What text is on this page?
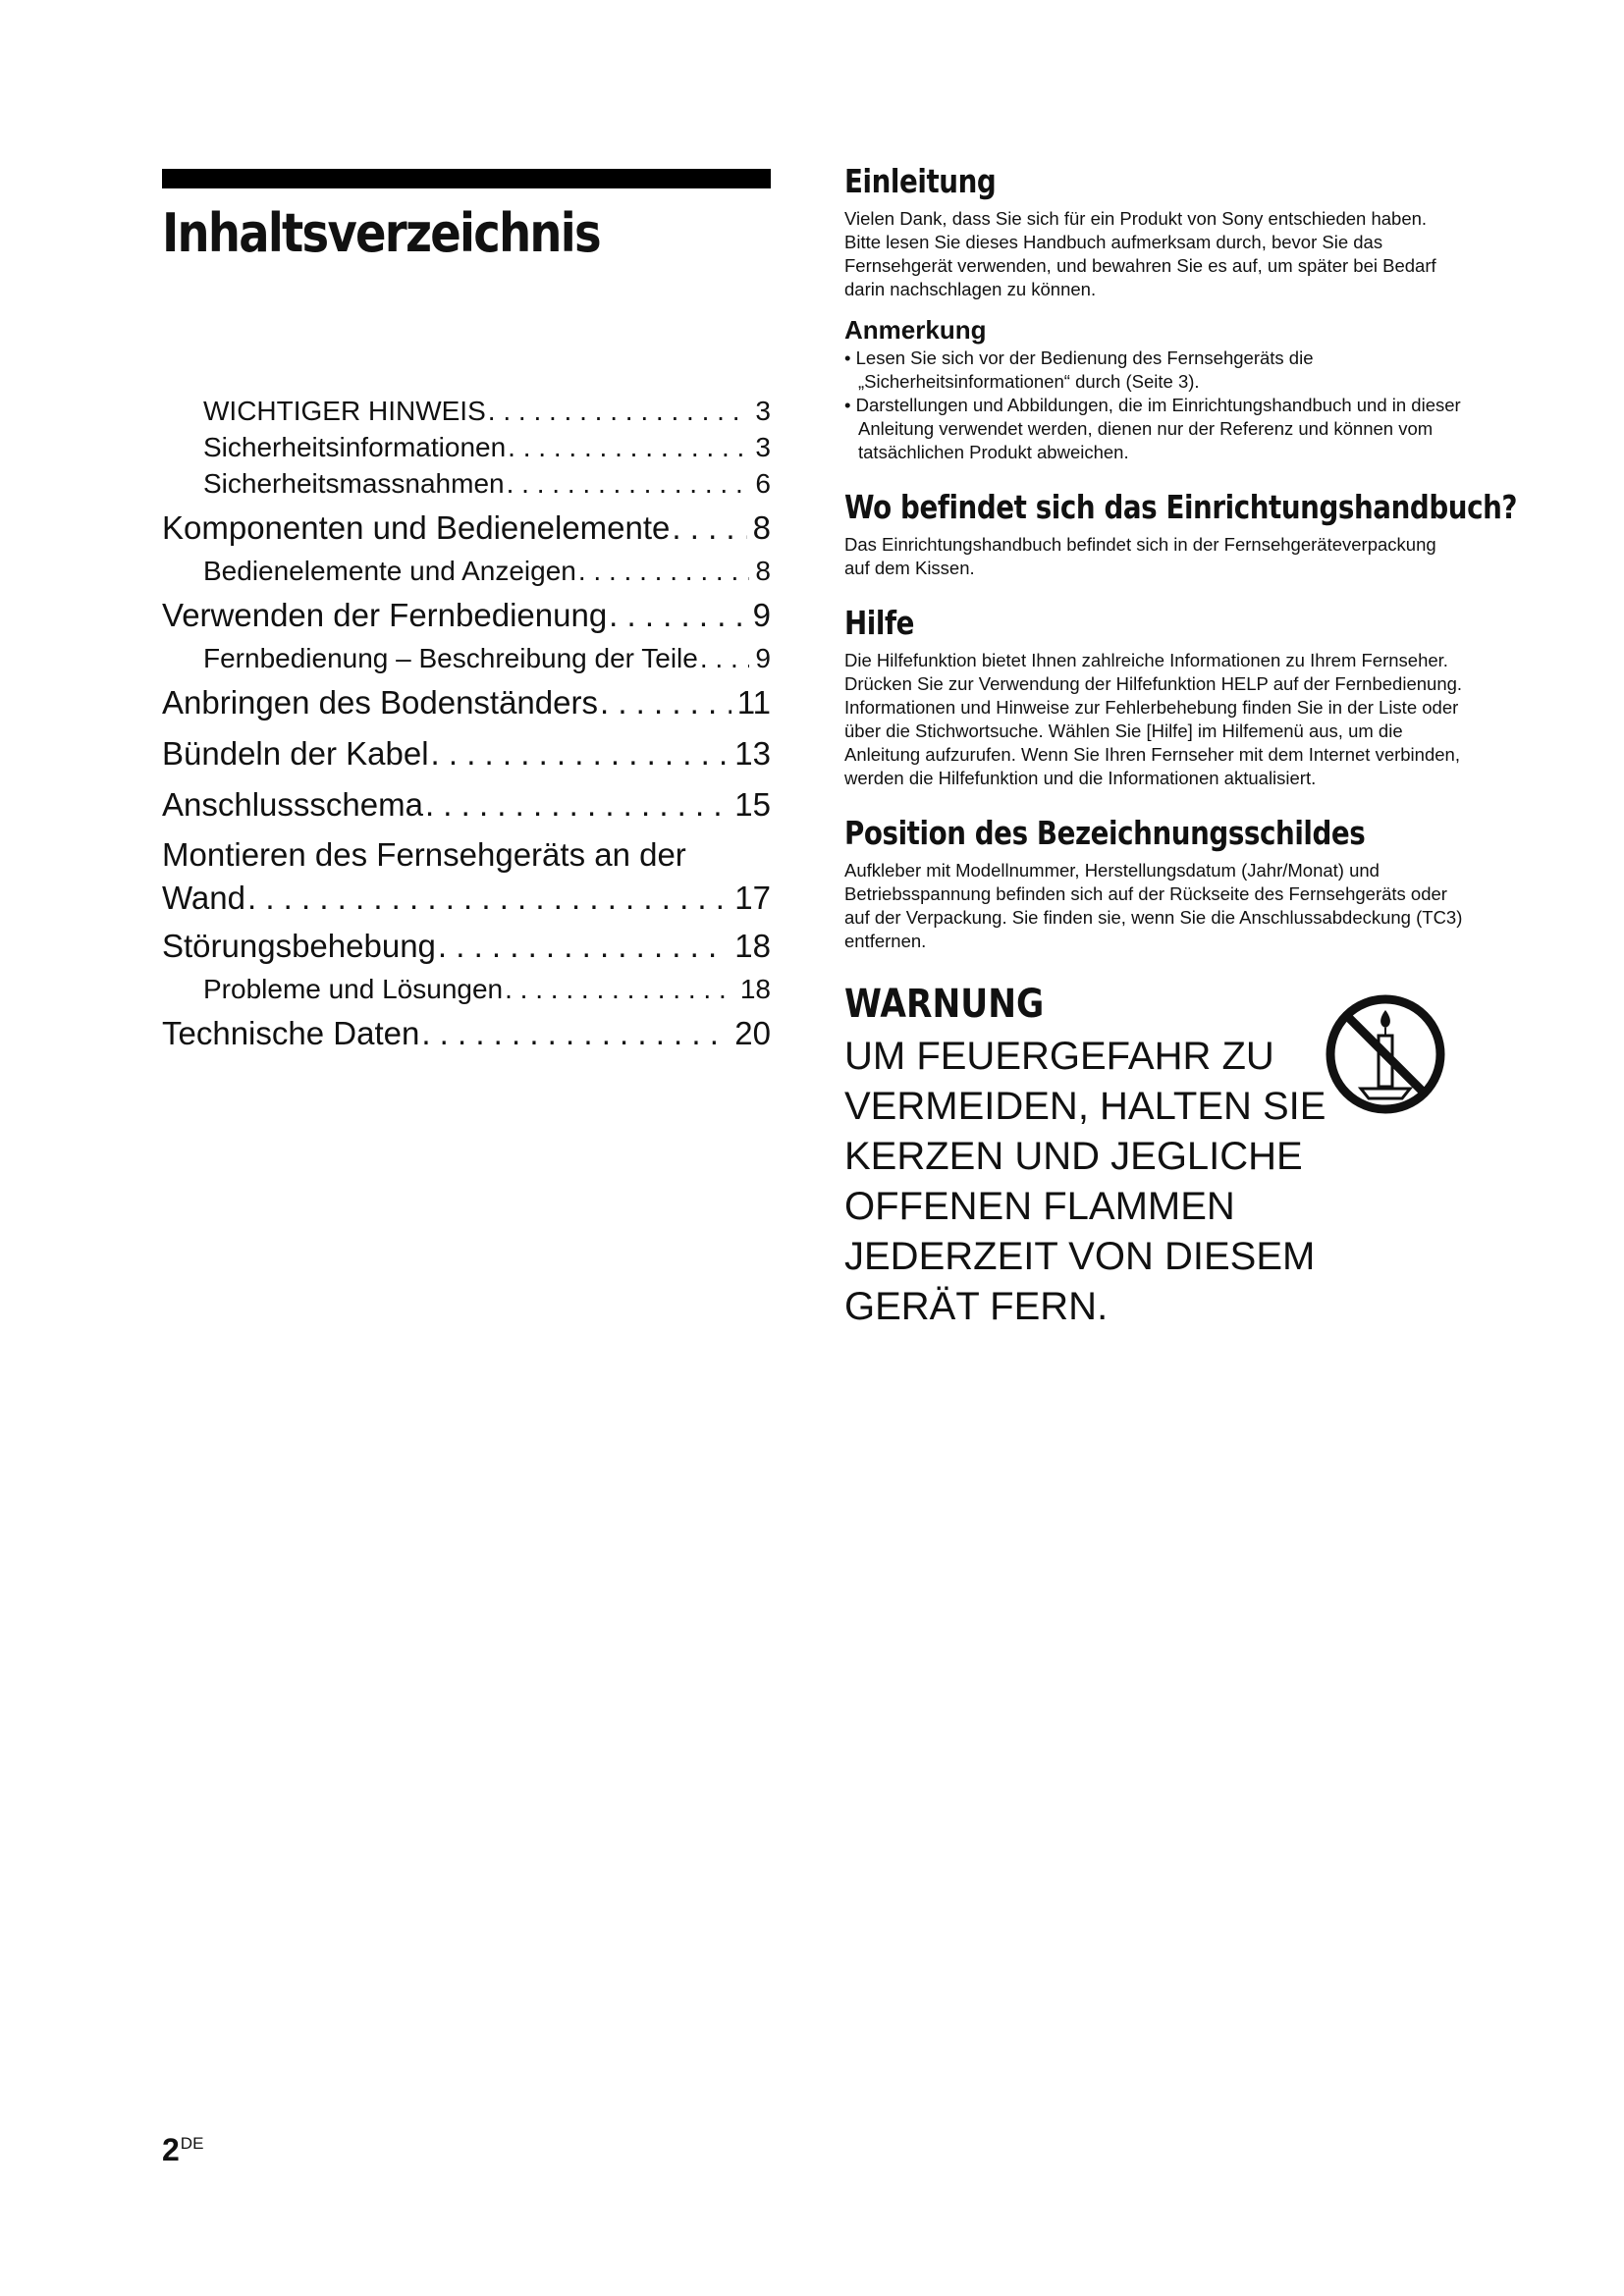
Inhaltsverzeichnis
WICHTIGER HINWEIS . . .	3
Sicherheitsinformationen . . .	3
Sicherheitsmassnahmen . . .	6
Komponenten und Bedienelemente . . .	8
Bedienelemente und Anzeigen . . .	8
Verwenden der Fernbedienung . . .	9
Fernbedienung – Beschreibung der Teile . . . 9
Anbringen des Bodenständers . . .	11
Bündeln der Kabel . . .	13
Anschlussschema . . .	15
Montieren des Fernsehgeräts an der
Wand . . .	17
Störungsbehebung . . .	18
Probleme und Lösungen . . .	18
Technische Daten . . .	20
Einleitung

Vielen Dank, dass Sie sich für ein Produkt von Sony entschieden haben.
Bitte lesen Sie dieses Handbuch aufmerksam durch, bevor Sie das Fernsehgerät verwenden, und bewahren Sie es auf, um später bei Bedarf darin nachschlagen zu können.

Anmerkung
• Lesen Sie sich vor der Bedienung des Fernsehgeräts die „Sicherheitsinformationen“ durch (Seite 3).
• Darstellungen und Abbildungen, die im Einrichtungshandbuch und in dieser Anleitung verwendet werden, dienen nur der Referenz und können vom tatsächlichen Produkt abweichen.
Wo befindet sich das Einrichtungshandbuch?

Das Einrichtungshandbuch befindet sich in der Fernsehgeräteverpackung auf dem Kissen.

Hilfe

Die Hilfefunktion bietet Ihnen zahlreiche Informationen zu Ihrem Fernseher. Drücken Sie zur Verwendung der Hilfefunktion HELP auf der Fernbedienung. Informationen und Hinweise zur Fehlerbehebung finden Sie in der Liste oder über die Stichwortsuche. Wählen Sie [Hilfe] im Hilfemenü aus, um die Anleitung aufzurufen. Wenn Sie Ihren Fernseher mit dem Internet verbinden, werden die Hilfefunktion und die Informationen aktualisiert.

Position des Bezeichnungsschildes

Aufkleber mit Modellnummer, Herstellungsdatum (Jahr/Monat) und Betriebsspannung befinden sich auf der Rückseite des Fernsehgeräts oder auf der Verpackung. Sie finden sie, wenn Sie die Anschlussabdeckung (TC3) entfernen.

WARNUNG

UM FEUERGEFAHR ZU VERMEIDEN, HALTEN SIE KERZEN UND JEGLICHE OFFENEN FLAMMEN JEDERZEIT VON DIESEM GERÄT FERN.

2DE
